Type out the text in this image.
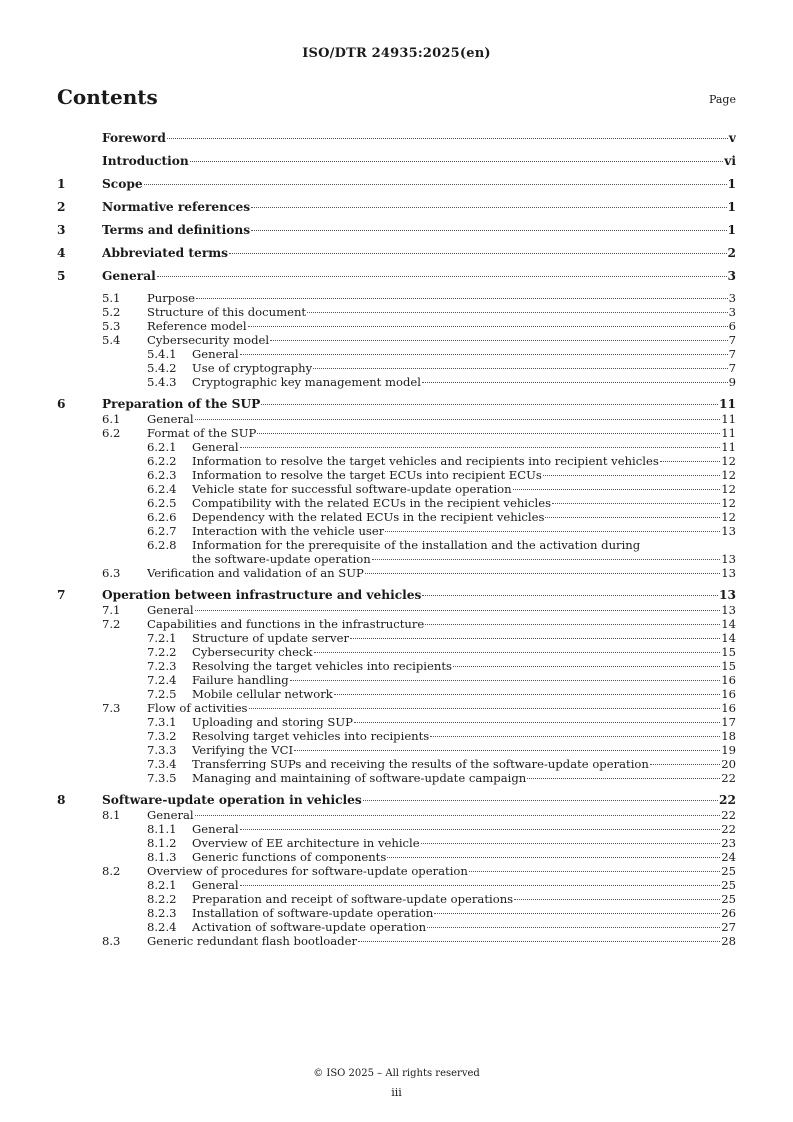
ISO/DTR 24935:2025(en)
Contents	Page
Foreword	v
Introduction	vi
1	Scope	1
2	Normative references	1
3	Terms and definitions	1
4	Abbreviated terms	2
5	General	3
5.1	Purpose	3
5.2	Structure of this document	3
5.3	Reference model	6
5.4	Cybersecurity model	7
5.4.1	General	7
5.4.2	Use of cryptography	7
5.4.3	Cryptographic key management model	9
6	Preparation of the SUP	11
6.1	General	11
6.2	Format of the SUP	11
6.2.1	General	11
6.2.2	Information to resolve the target vehicles and recipients into recipient vehicles	12
6.2.3	Information to resolve the target ECUs into recipient ECUs	12
6.2.4	Vehicle state for successful software-update operation	12
6.2.5	Compatibility with the related ECUs in the recipient vehicles	12
6.2.6	Dependency with the related ECUs in the recipient vehicles	12
6.2.7	Interaction with the vehicle user	13
6.2.8	Information for the prerequisite of the installation and the activation during
the software-update operation	13
6.3	Verification and validation of an SUP	13
7	Operation between infrastructure and vehicles	13
7.1	General	13
7.2	Capabilities and functions in the infrastructure	14
7.2.1	Structure of update server	14
7.2.2	Cybersecurity check	15
7.2.3	Resolving the target vehicles into recipients	15
7.2.4	Failure handling	16
7.2.5	Mobile cellular network	16
7.3	Flow of activities	16
7.3.1	Uploading and storing SUP	17
7.3.2	Resolving target vehicles into recipients	18
7.3.3	Verifying the VCI	19
7.3.4	Transferring SUPs and receiving the results of the software-update operation	20
7.3.5	Managing and maintaining of software-update campaign	22
8	Software-update operation in vehicles	22
8.1	General	22
8.1.1	General	22
8.1.2	Overview of EE architecture in vehicle	23
8.1.3	Generic functions of components	24
8.2	Overview of procedures for software-update operation	25
8.2.1	General	25
8.2.2	Preparation and receipt of software-update operations	25
8.2.3	Installation of software-update operation	26
8.2.4	Activation of software-update operation	27
8.3	Generic redundant flash bootloader	28
© ISO 2025 – All rights reserved
iii
